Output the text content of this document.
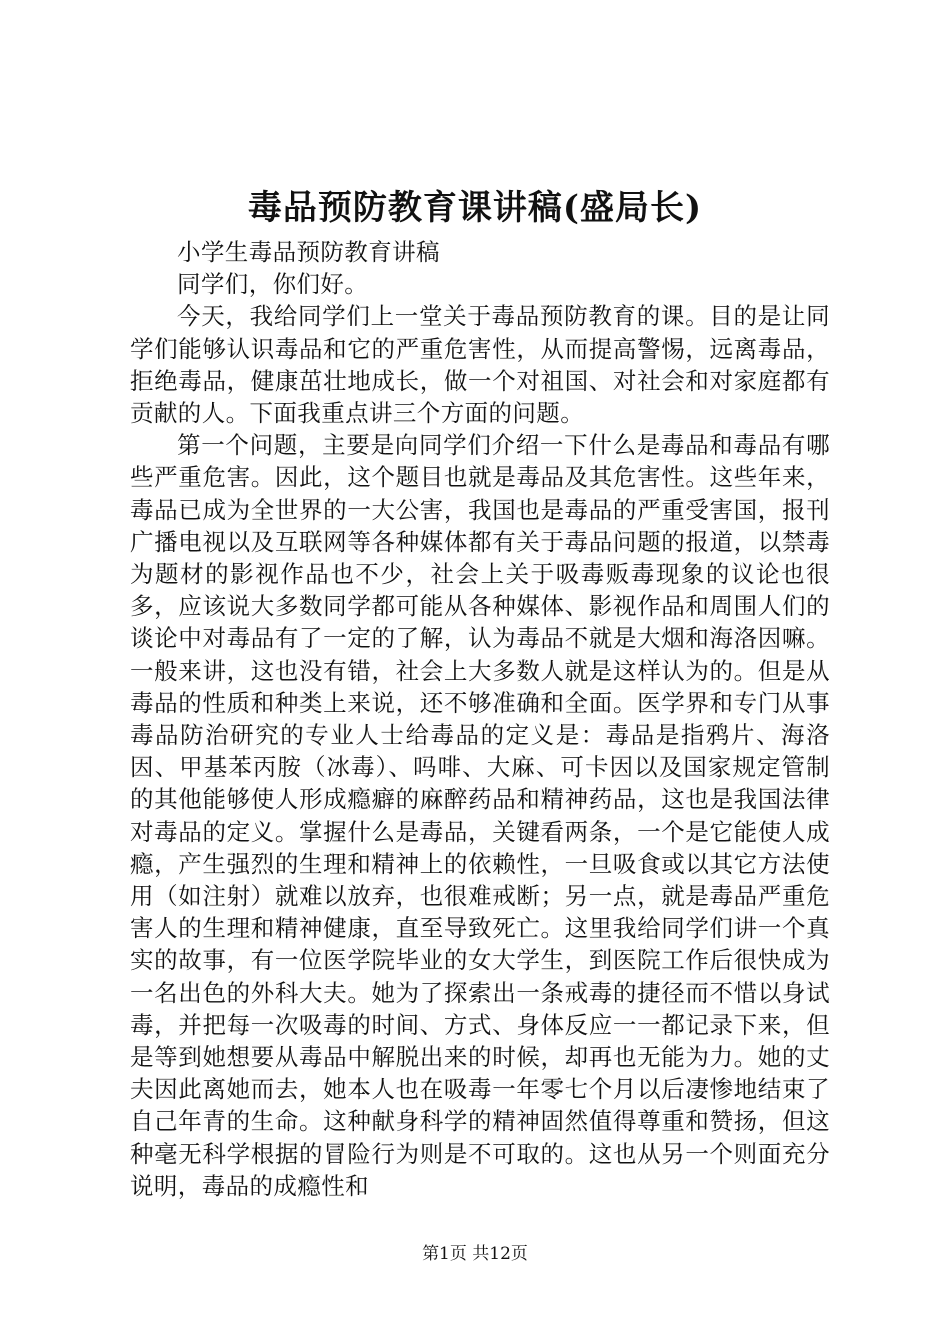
毒品预防教育课讲稿(盛局长)

小学生毒品预防教育讲稿

同学们，你们好。

今天，我给同学们上一堂关于毒品预防教育的课。目的是让同学们能够认识毒品和它的严重危害性，从而提高警惕，远离毒品，拒绝毒品，健康茁壮地成长，做一个对祖国、对社会和对家庭都有贡献的人。下面我重点讲三个方面的问题。

第一个问题，主要是向同学们介绍一下什么是毒品和毒品有哪些严重危害。因此，这个题目也就是毒品及其危害性。这些年来，毒品已成为全世界的一大公害，我国也是毒品的严重受害国，报刊广播电视以及互联网等各种媒体都有关于毒品问题的报道，以禁毒为题材的影视作品也不少，社会上关于吸毒贩毒现象的议论也很多，应该说大多数同学都可能从各种媒体、影视作品和周围人们的谈论中对毒品有了一定的了解，认为毒品不就是大烟和海洛因嘛。一般来讲，这也没有错，社会上大多数人就是这样认为的。但是从毒品的性质和种类上来说，还不够准确和全面。医学界和专门从事毒品防治研究的专业人士给毒品的定义是：毒品是指鸦片、海洛因、甲基苯丙胺（冰毒）、吗啡、大麻、可卡因以及国家规定管制的其他能够使人形成瘾癖的麻醉药品和精神药品，这也是我国法律对毒品的定义。掌握什么是毒品，关键看两条，一个是它能使人成瘾，产生强烈的生理和精神上的依赖性，一旦吸食或以其它方法使用（如注射）就难以放弃，也很难戒断；另一点，就是毒品严重危害人的生理和精神健康，直至导致死亡。这里我给同学们讲一个真实的故事，有一位医学院毕业的女大学生，到医院工作后很快成为一名出色的外科大夫。她为了探索出一条戒毒的捷径而不惜以身试毒，并把每一次吸毒的时间、方式、身体反应一一都记录下来，但是等到她想要从毒品中解脱出来的时候，却再也无能为力。她的丈夫因此离她而去，她本人也在吸毒一年零七个月以后凄惨地结束了自己年青的生命。这种献身科学的精神固然值得尊重和赞扬，但这种毫无科学根据的冒险行为则是不可取的。这也从另一个则面充分说明，毒品的成瘾性和

第1页 共12页
